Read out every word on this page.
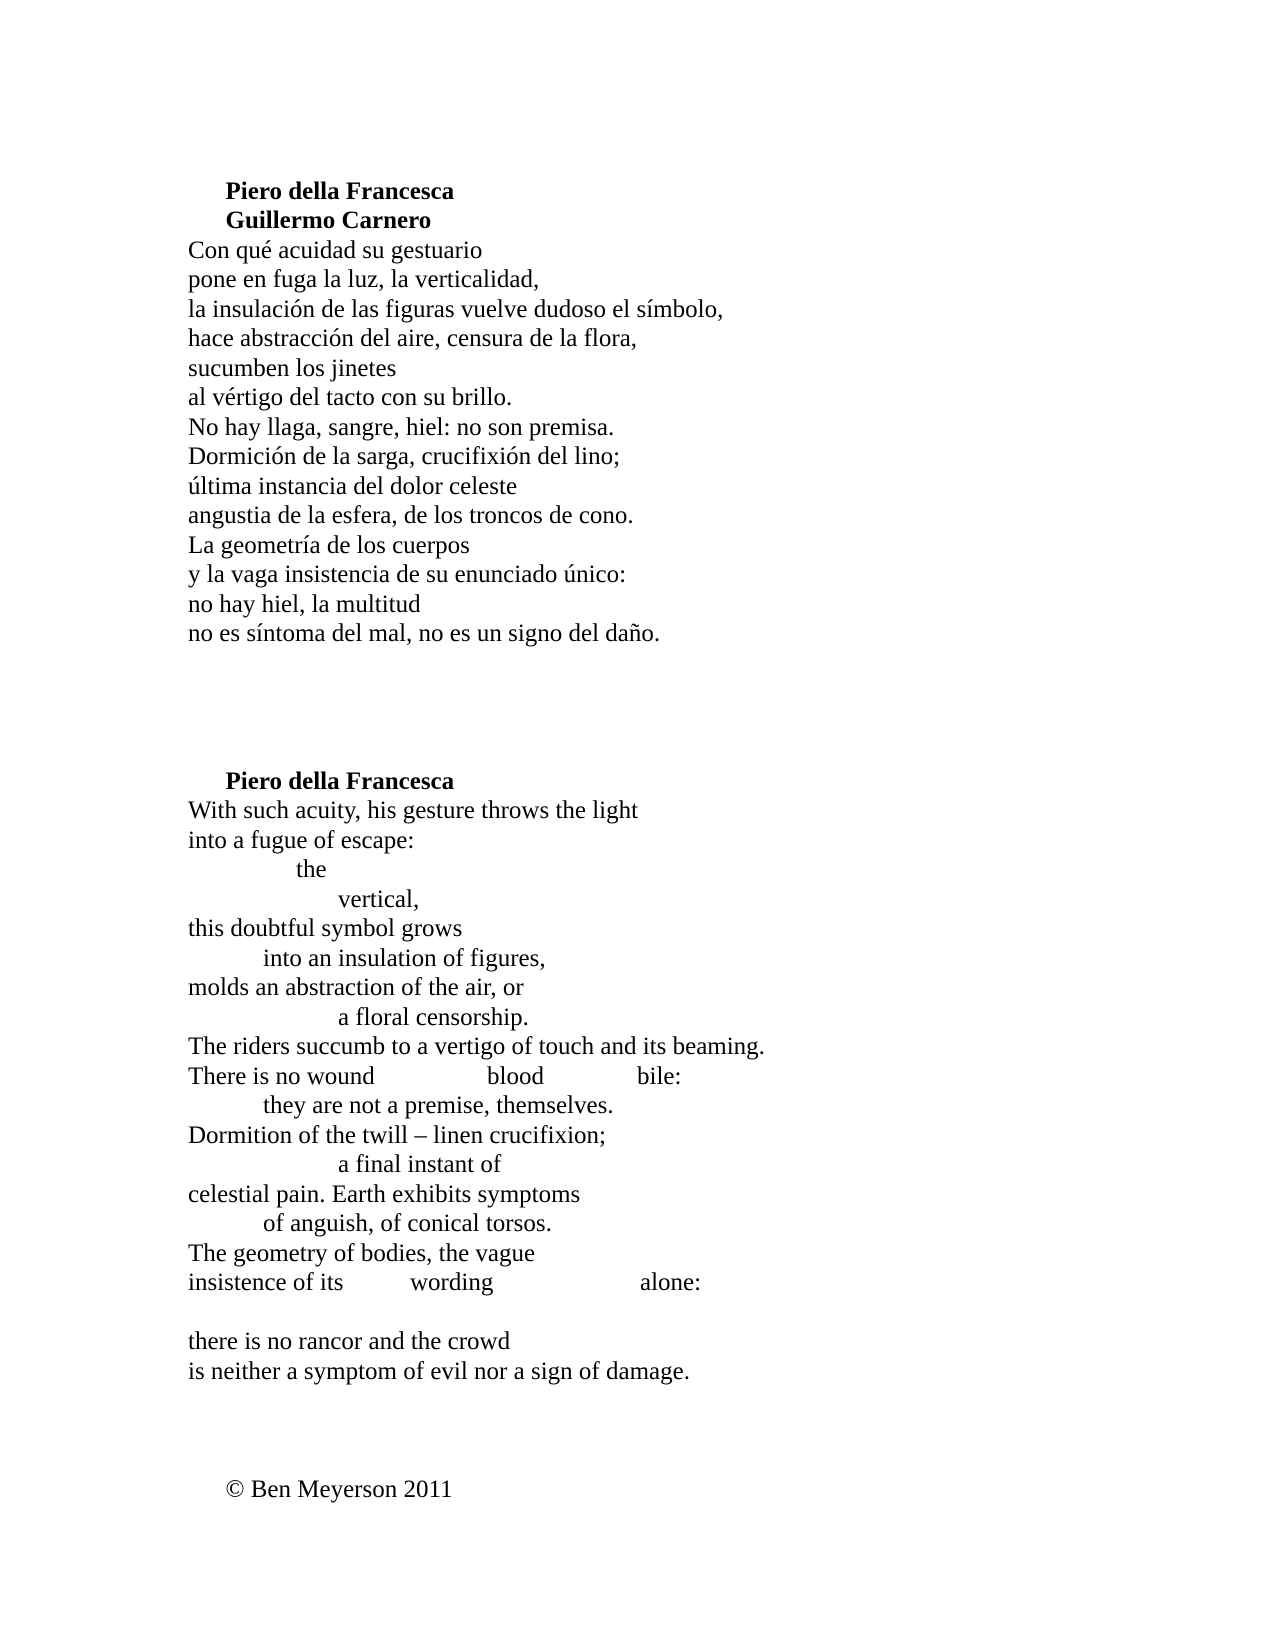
Piero della Francesca

Guillermo Carnero

Con qué acuidad su gestuario
pone en fuga la luz, la verticalidad,
la insulación de las figuras vuelve dudoso el símbolo,
hace abstracción del aire, censura de la flora,
sucumben los jinetes
al vértigo del tacto con su brillo.
No hay llaga, sangre, hiel: no son premisa.
Dormición de la sarga, crucifixión del lino;
última instancia del dolor celeste
angustia de la esfera, de los troncos de cono.
La geometría de los cuerpos
y la vaga insistencia de su enunciado único:
no hay hiel, la multitud
no es síntoma del mal, no es un signo del daño.

Piero della Francesca

With such acuity, his gesture throws the light
into a fugue of escape:
the
vertical,
this doubtful symbol grows
into an insulation of figures,
molds an abstraction of the air, or
a floral censorship.
The riders succumb to a vertigo of touch and its beaming.
There is no wound	blood	bile:
they are not a premise, themselves.
Dormition of the twill – linen crucifixion;
a final instant of
celestial pain. Earth exhibits symptoms
of anguish, of conical torsos.
The geometry of bodies, the vague
insistence of its	wording	alone:
there is no rancor and the crowd
is neither a symptom of evil nor a sign of damage.

© Ben Meyerson 2011
